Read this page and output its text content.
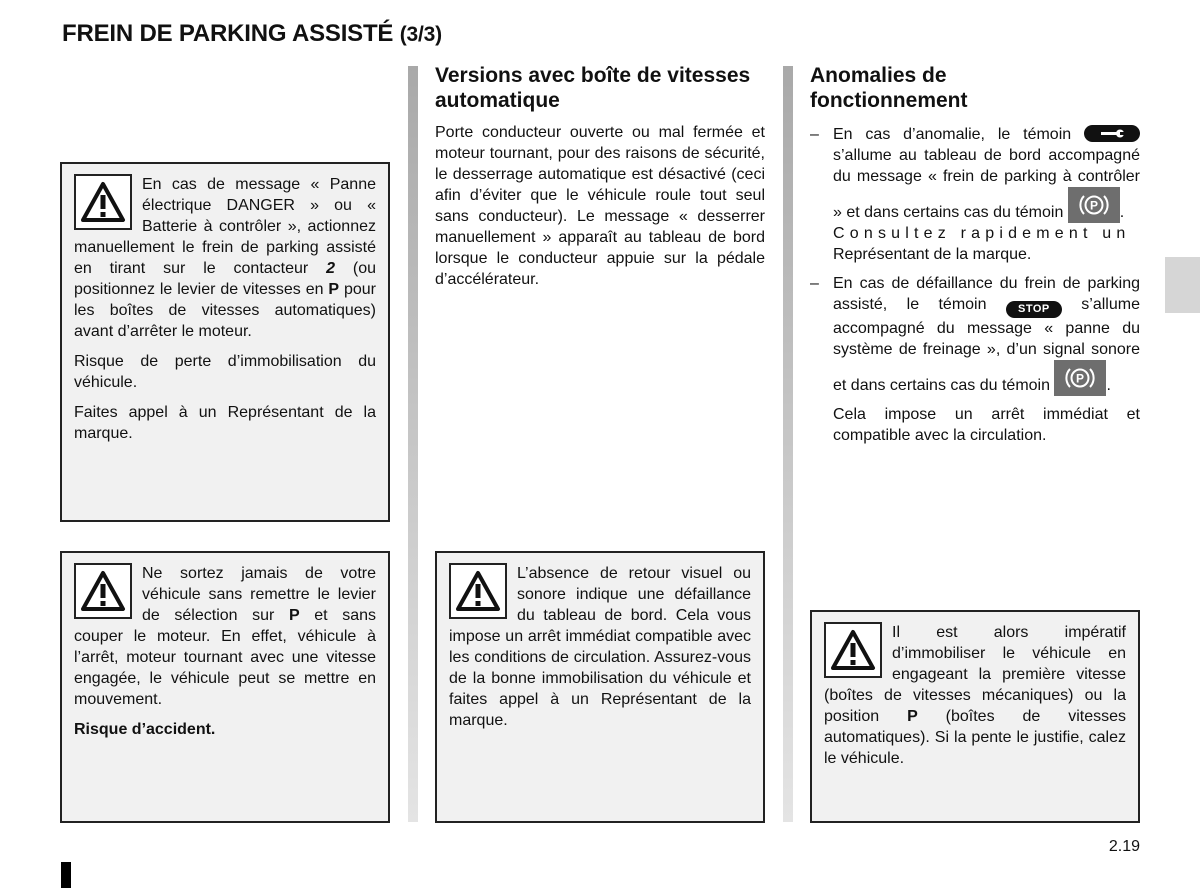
FREIN DE PARKING ASSISTÉ (3/3)
2.19

En cas de message « Panne électrique DANGER » ou « Batterie à contrôler », actionnez manuellement le frein de parking assisté en tirant sur le contacteur 2 (ou positionnez le levier de vitesses en P pour les boîtes de vitesses automatiques) avant d’arrêter le moteur.

Risque de perte d’immobilisation du véhicule.

Faites appel à un Représentant de la marque.

Ne sortez jamais de votre véhicule sans remettre le levier de sélection sur P et sans couper le moteur. En effet, véhicule à l’arrêt, moteur tournant avec une vitesse engagée, le véhicule peut se mettre en mouvement.

Risque d’accident.

Versions avec boîte de vitesses automatique

Porte conducteur ouverte ou mal fermée et moteur tournant, pour des raisons de sécurité, le desserrage automatique est désactivé (ceci afin d’éviter que le véhicule roule tout seul sans conducteur). Le message « desserrer manuellement » apparaît au tableau de bord lorsque le conducteur appuie sur la pédale d’accélérateur.

L’absence de retour visuel ou sonore indique une défaillance du tableau de bord. Cela vous impose un arrêt immédiat compatible avec les conditions de circulation. Assurez-vous de la bonne immobilisation du véhicule et faites appel à un Représentant de la marque.

Anomalies de fonctionnement
– En cas d’anomalie, le témoin
s’allume au tableau de bord accompagné du message « frein de parking à contrôler » et dans certains cas du témoin P .
Consultez rapidement un
Représentant de la marque.
– En cas de défaillance du frein de parking assisté, le témoin STOP s’allume accompagné du message « panne du système de freinage », d’un signal sonore et dans certains cas du témoin P .
Cela impose un arrêt immédiat et compatible avec la circulation.

Il est alors impératif d’immobiliser le véhicule en engageant la première vitesse (boîtes de vitesses mécaniques) ou la position P (boîtes de vitesses automatiques). Si la pente le justifie, calez le véhicule.
